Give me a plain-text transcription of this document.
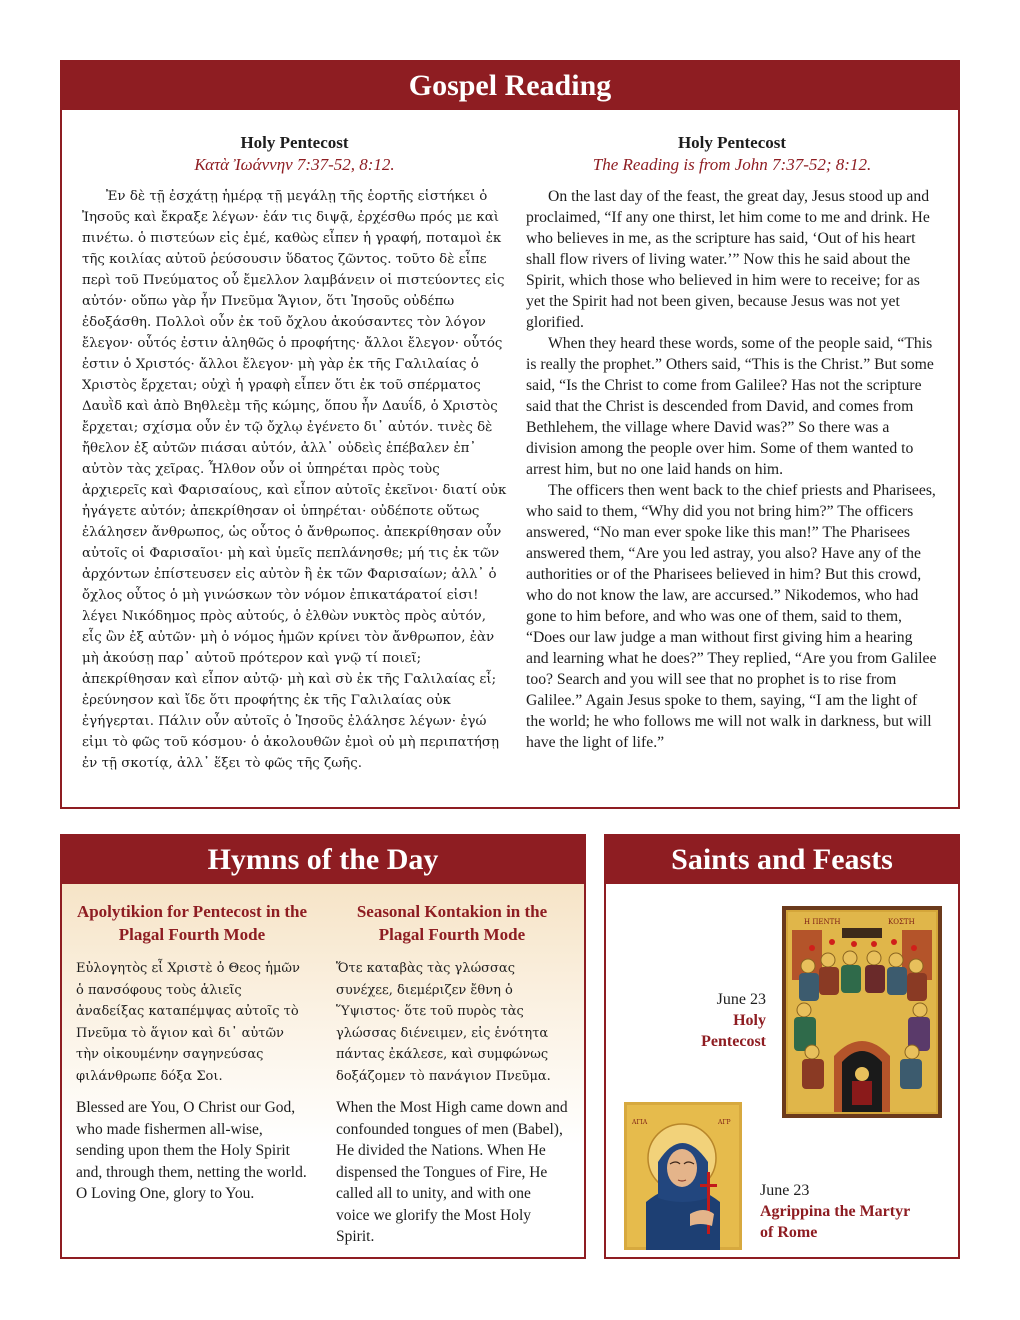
Gospel Reading
Holy Pentecost
Κατὰ Ἰωάννην 7:37-52, 8:12.

Ἐν δὲ τῇ ἐσχάτῃ ἡμέρᾳ τῇ μεγάλῃ τῆς ἑορτῆς εἱστήκει ὁ Ἰησοῦς καὶ ἔκραξε λέγων· ἐάν τις διψᾷ, ἐρχέσθω πρός με καὶ πινέτω. ὁ πιστεύων εἰς ἐμέ, καθὼς εἶπεν ἡ γραφή, ποταμοὶ ἐκ τῆς κοιλίας αὐτοῦ ῥεύσουσιν ὕδατος ζῶντος. τοῦτο δὲ εἶπε περὶ τοῦ Πνεύματος οὗ ἔμελλον λαμβάνειν οἱ πιστεύοντες εἰς αὐτόν· οὔπω γὰρ ἦν Πνεῦμα Ἅγιον, ὅτι Ἰησοῦς οὐδέπω ἐδοξάσθη. Πολλοὶ οὖν ἐκ τοῦ ὄχλου ἀκούσαντες τὸν λόγον ἔλεγον· οὗτός ἐστιν ἀληθῶς ὁ προφήτης· ἄλλοι ἔλεγον· οὗτός ἐστιν ὁ Χριστός· ἄλλοι ἔλεγον· μὴ γὰρ ἐκ τῆς Γαλιλαίας ὁ Χριστὸς ἔρχεται; οὐχὶ ἡ γραφὴ εἶπεν ὅτι ἐκ τοῦ σπέρματος Δαυῒδ καὶ ἀπὸ Βηθλεὲμ τῆς κώμης, ὅπου ἦν Δαυΐδ, ὁ Χριστὸς ἔρχεται; σχίσμα οὖν ἐν τῷ ὄχλῳ ἐγένετο δι᾿ αὐτόν. τινὲς δὲ ἤθελον ἐξ αὐτῶν πιάσαι αὐτόν, ἀλλ᾿ οὐδεὶς ἐπέβαλεν ἐπ᾿ αὐτὸν τὰς χεῖρας. Ἦλθον οὖν οἱ ὑπηρέται πρὸς τοὺς ἀρχιερεῖς καὶ Φαρισαίους, καὶ εἶπον αὐτοῖς ἐκεῖνοι· διατί οὐκ ἠγάγετε αὐτόν; ἀπεκρίθησαν οἱ ὑπηρέται· οὐδέποτε οὕτως ἐλάλησεν ἄνθρωπος, ὡς οὗτος ὁ ἄνθρωπος. ἀπεκρίθησαν οὖν αὐτοῖς οἱ Φαρισαῖοι· μὴ καὶ ὑμεῖς πεπλάνησθε; μή τις ἐκ τῶν ἀρχόντων ἐπίστευσεν εἰς αὐτὸν ἢ ἐκ τῶν Φαρισαίων; ἀλλ᾿ ὁ ὄχλος οὗτος ὁ μὴ γινώσκων τὸν νόμον ἐπικατάρατοί εἰσι! λέγει Νικόδημος πρὸς αὐτούς, ὁ ἐλθὼν νυκτὸς πρὸς αὐτόν, εἷς ὢν ἐξ αὐτῶν· μὴ ὁ νόμος ἡμῶν κρίνει τὸν ἄνθρωπον, ἐὰν μὴ ἀκούσῃ παρ᾿ αὐτοῦ πρότερον καὶ γνῷ τί ποιεῖ; ἀπεκρίθησαν καὶ εἶπον αὐτῷ· μὴ καὶ σὺ ἐκ τῆς Γαλιλαίας εἶ; ἐρεύνησον καὶ ἴδε ὅτι προφήτης ἐκ τῆς Γαλιλαίας οὐκ ἐγήγερται. Πάλιν οὖν αὐτοῖς ὁ Ἰησοῦς ἐλάλησε λέγων· ἐγώ εἰμι τὸ φῶς τοῦ κόσμου· ὁ ἀκολουθῶν ἐμοὶ οὐ μὴ περιπατήσῃ ἐν τῇ σκοτίᾳ, ἀλλ᾿ ἕξει τὸ φῶς τῆς ζωῆς.

Holy Pentecost
The Reading is from John 7:37-52; 8:12.

On the last day of the feast, the great day, Jesus stood up and proclaimed, “If any one thirst, let him come to me and drink. He who believes in me, as the scripture has said, ‘Out of his heart shall flow rivers of living water.’” Now this he said about the Spirit, which those who believed in him were to receive; for as yet the Spirit had not been given, because Jesus was not yet glorified.

When they heard these words, some of the people said, “This is really the prophet.” Others said, “This is the Christ.” But some said, “Is the Christ to come from Galilee? Has not the scripture said that the Christ is descended from David, and comes from Bethlehem, the village where David was?” So there was a division among the people over him. Some of them wanted to arrest him, but no one laid hands on him.

The officers then went back to the chief priests and Pharisees, who said to them, “Why did you not bring him?” The officers answered, “No man ever spoke like this man!” The Pharisees answered them, “Are you led astray, you also? Have any of the authorities or of the Pharisees believed in him? But this crowd, who do not know the law, are accursed.” Nikodemos, who had gone to him before, and who was one of them, said to them, “Does our law judge a man without first giving him a hearing and learning what he does?” They replied, “Are you from Galilee too? Search and you will see that no prophet is to rise from Galilee.” Again Jesus spoke to them, saying, “I am the light of the world; he who follows me will not walk in darkness, but will have the light of life.”

Hymns of the Day
Apolytikion for Pentecost in the Plagal Fourth Mode

Εὐλογητὸς εἶ Χριστὲ ὁ Θεος ἡμῶν ὁ πανσόφους τοὺς ἁλιεῖς ἀναδείξας καταπέμψας αὐτοῖς τὸ Πνεῦμα τὸ ἅγιον καὶ δι᾿ αὐτῶν τὴν οἰκουμένην σαγηνεύσας φιλάνθρωπε δόξα Σοι.

Blessed are You, O Christ our God, who made fishermen all-wise, sending upon them the Holy Spirit and, through them, netting the world. O Loving One, glory to You.

Seasonal Kontakion in the Plagal Fourth Mode

Ὅτε καταβὰς τὰς γλώσσας συνέχεε, διεμέριζεν ἔθνη ὁ Ὕψιστος· ὅτε τοῦ πυρὸς τὰς γλώσσας διένειμεν, εἰς ἑνότητα πάντας ἐκάλεσε, καὶ συμφώνως δοξάζομεν τὸ πανάγιον Πνεῦμα.

When the Most High came down and confounded tongues of men (Babel), He divided the Nations. When He dispensed the Tongues of Fire, He called all to unity, and with one voice we glorify the Most Holy Spirit.

Saints and Feasts
Η ΠΕΝΤΗ	ΚΟΣΤΗ
June 23
Holy
Pentecost
ΑΓΙΑ	ΑΓΡ
June 23
Agrippina the Martyr
of Rome
